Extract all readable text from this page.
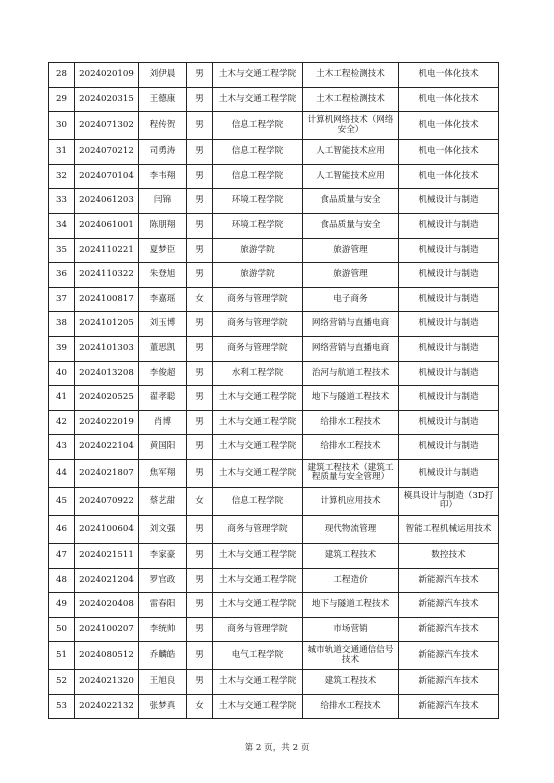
28	2024020109	刘伊晨	男	土木与交通工程学院	土木工程检测技术	机电一体化技术
29	2024020315	王德康	男	土木与交通工程学院	土木工程检测技术	机电一体化技术
30	2024071302	程传贺	男	信息工程学院	计算机网络技术（网络安全）	机电一体化技术
31	2024070212	司勇涛	男	信息工程学院	人工智能技术应用	机电一体化技术
32	2024070104	李韦翔	男	信息工程学院	人工智能技术应用	机电一体化技术
33	2024061203	闫锦	男	环境工程学院	食品质量与安全	机械设计与制造
34	2024061001	陈朋翔	男	环境工程学院	食品质量与安全	机械设计与制造
35	2024110221	夏梦臣	男	旅游学院	旅游管理	机械设计与制造
36	2024110322	朱登旭	男	旅游学院	旅游管理	机械设计与制造
37	2024100817	李嘉瑶	女	商务与管理学院	电子商务	机械设计与制造
38	2024101205	刘玉博	男	商务与管理学院	网络营销与直播电商	机械设计与制造
39	2024101303	董思凯	男	商务与管理学院	网络营销与直播电商	机械设计与制造
40	2024013208	李俊超	男	水利工程学院	治河与航道工程技术	机械设计与制造
41	2024020525	翟孝聪	男	土木与交通工程学院	地下与隧道工程技术	机械设计与制造
42	2024022019	肖博	男	土木与交通工程学院	给排水工程技术	机械设计与制造
43	2024022104	黄国阳	男	土木与交通工程学院	给排水工程技术	机械设计与制造
44	2024021807	焦军翔	男	土木与交通工程学院	建筑工程技术（建筑工程质量与安全管理）	机械设计与制造
45	2024070922	蔡艺甜	女	信息工程学院	计算机应用技术	模具设计与制造（3D打印）
46	2024100604	刘文强	男	商务与管理学院	现代物流管理	智能工程机械运用技术
47	2024021511	李家豪	男	土木与交通工程学院	建筑工程技术	数控技术
48	2024021204	罗官政	男	土木与交通工程学院	工程造价	新能源汽车技术
49	2024020408	雷春阳	男	土木与交通工程学院	地下与隧道工程技术	新能源汽车技术
50	2024100207	李统帅	男	商务与管理学院	市场营销	新能源汽车技术
51	2024080512	乔麟皓	男	电气工程学院	城市轨道交通通信信号技术	新能源汽车技术
52	2024021320	王旭良	男	土木与交通工程学院	建筑工程技术	新能源汽车技术
53	2024022132	张梦真	女	土木与交通工程学院	给排水工程技术	新能源汽车技术
第 2 页，共 2 页
